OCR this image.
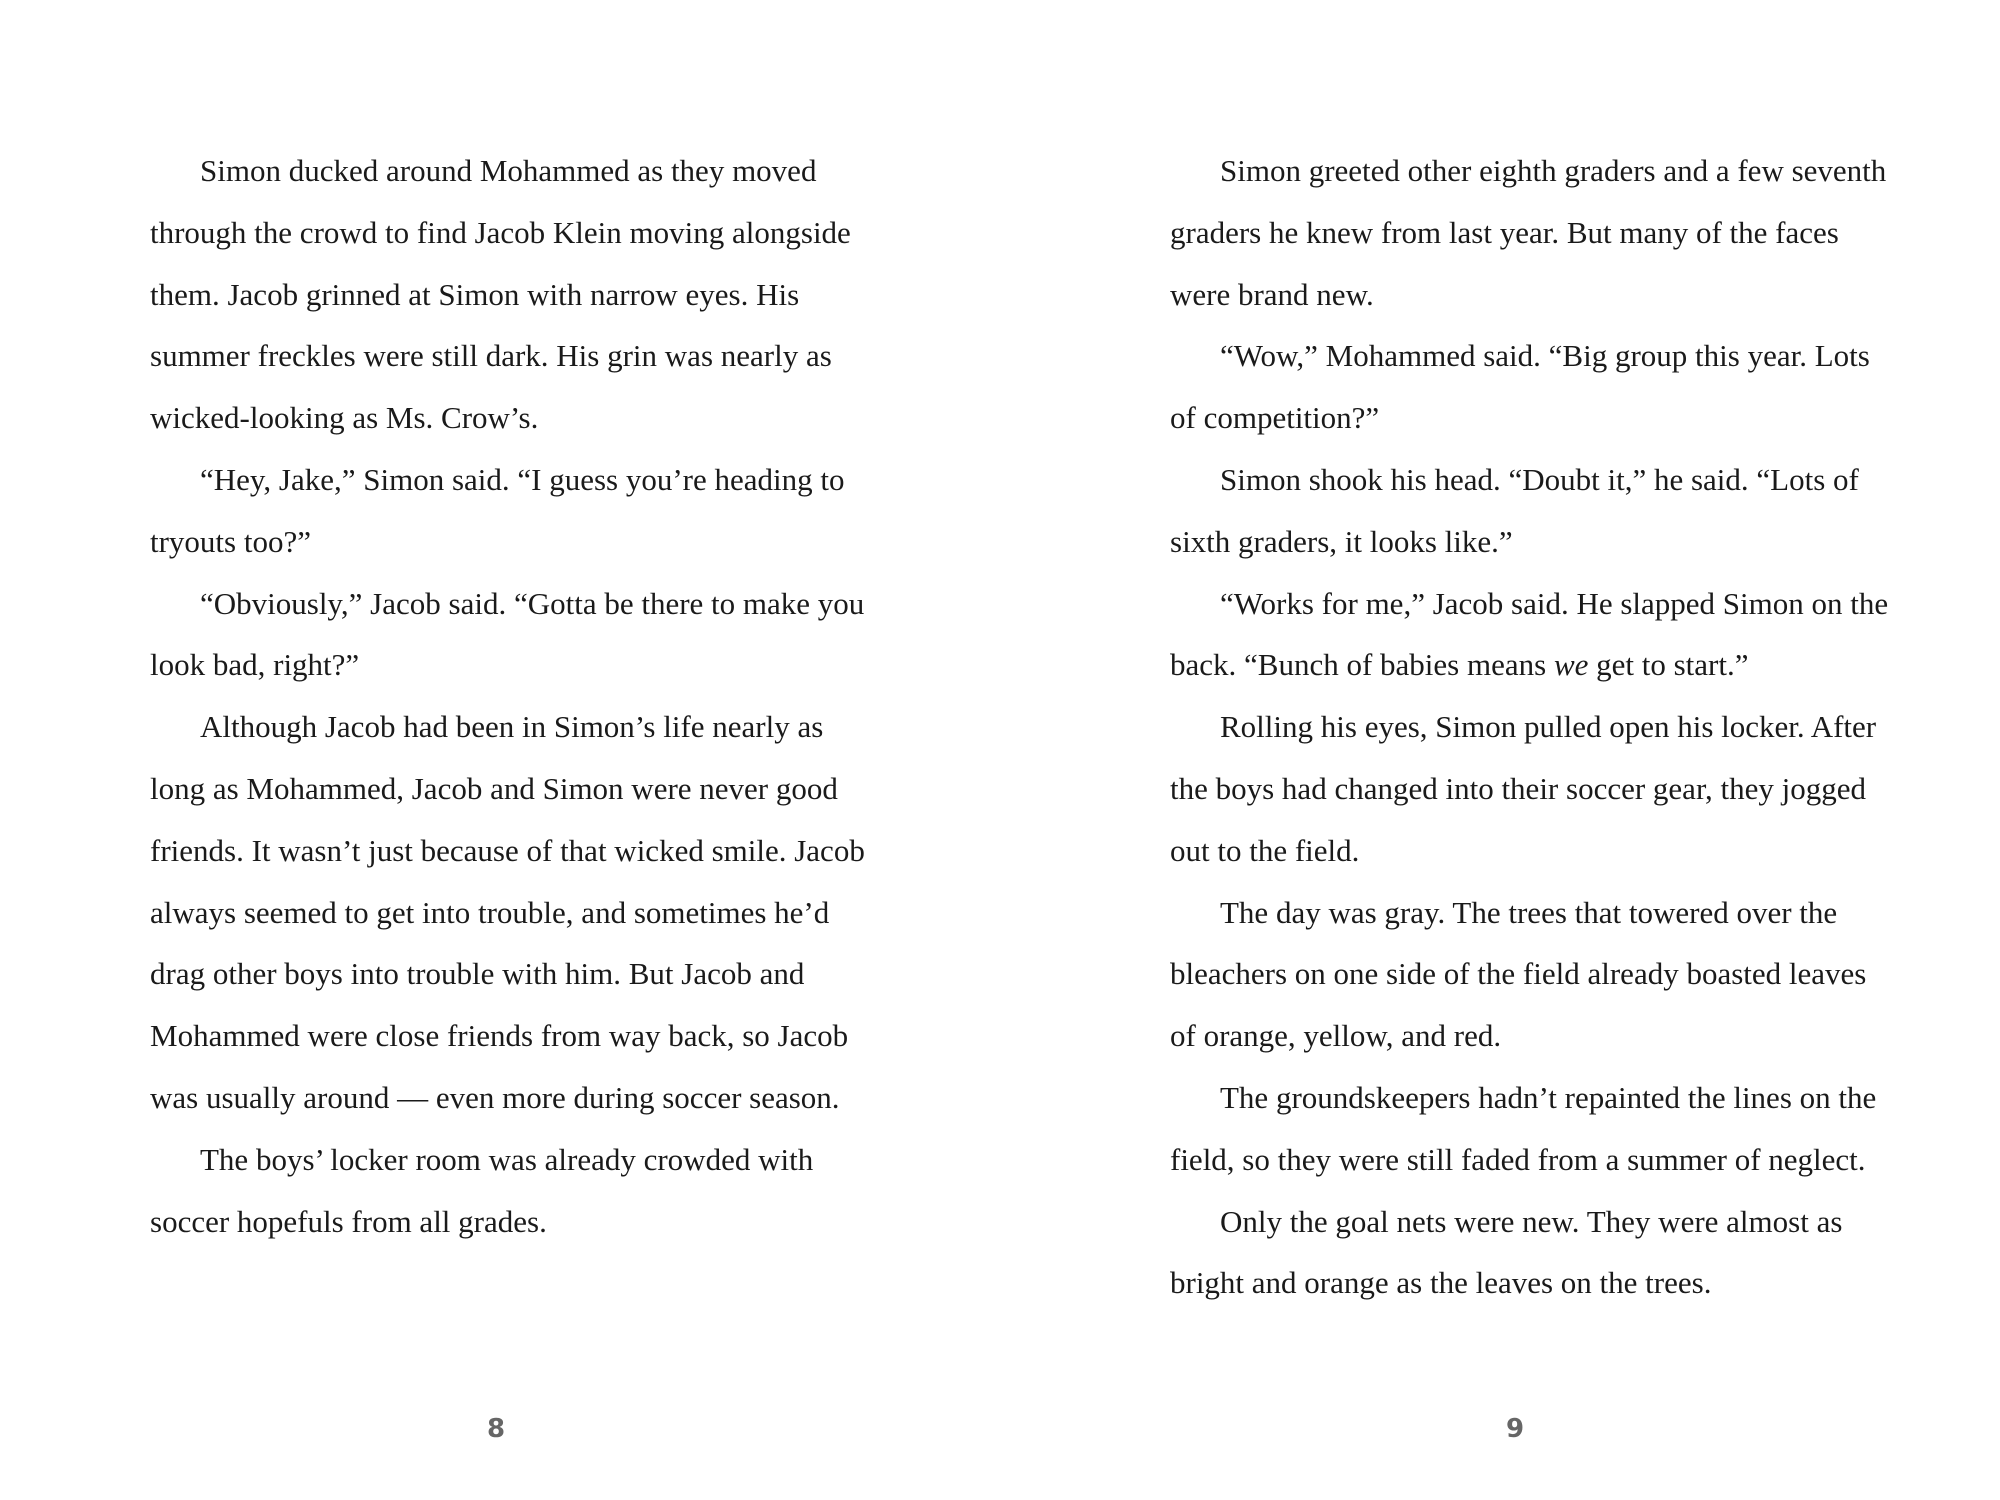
Simon ducked around Mohammed as they moved through the crowd to find Jacob Klein moving alongside them. Jacob grinned at Simon with narrow eyes. His summer freckles were still dark. His grin was nearly as wicked-looking as Ms. Crow’s.

“Hey, Jake,” Simon said. “I guess you’re heading to tryouts too?”

“Obviously,” Jacob said. “Gotta be there to make you look bad, right?”

Although Jacob had been in Simon’s life nearly as long as Mohammed, Jacob and Simon were never good friends. It wasn’t just because of that wicked smile. Jacob always seemed to get into trouble, and sometimes he’d drag other boys into trouble with him. But Jacob and Mohammed were close friends from way back, so Jacob was usually around — even more during soccer season.

The boys’ locker room was already crowded with soccer hopefuls from all grades.

8

Simon greeted other eighth graders and a few seventh graders he knew from last year. But many of the faces were brand new.

“Wow,” Mohammed said. “Big group this year. Lots of competition?”

Simon shook his head. “Doubt it,” he said. “Lots of sixth graders, it looks like.”

“Works for me,” Jacob said. He slapped Simon on the back. “Bunch of babies means we get to start.”

Rolling his eyes, Simon pulled open his locker. After the boys had changed into their soccer gear, they jogged out to the field.

The day was gray. The trees that towered over the bleachers on one side of the field already boasted leaves of orange, yellow, and red.

The groundskeepers hadn’t repainted the lines on the field, so they were still faded from a summer of neglect.

Only the goal nets were new. They were almost as bright and orange as the leaves on the trees.

9
